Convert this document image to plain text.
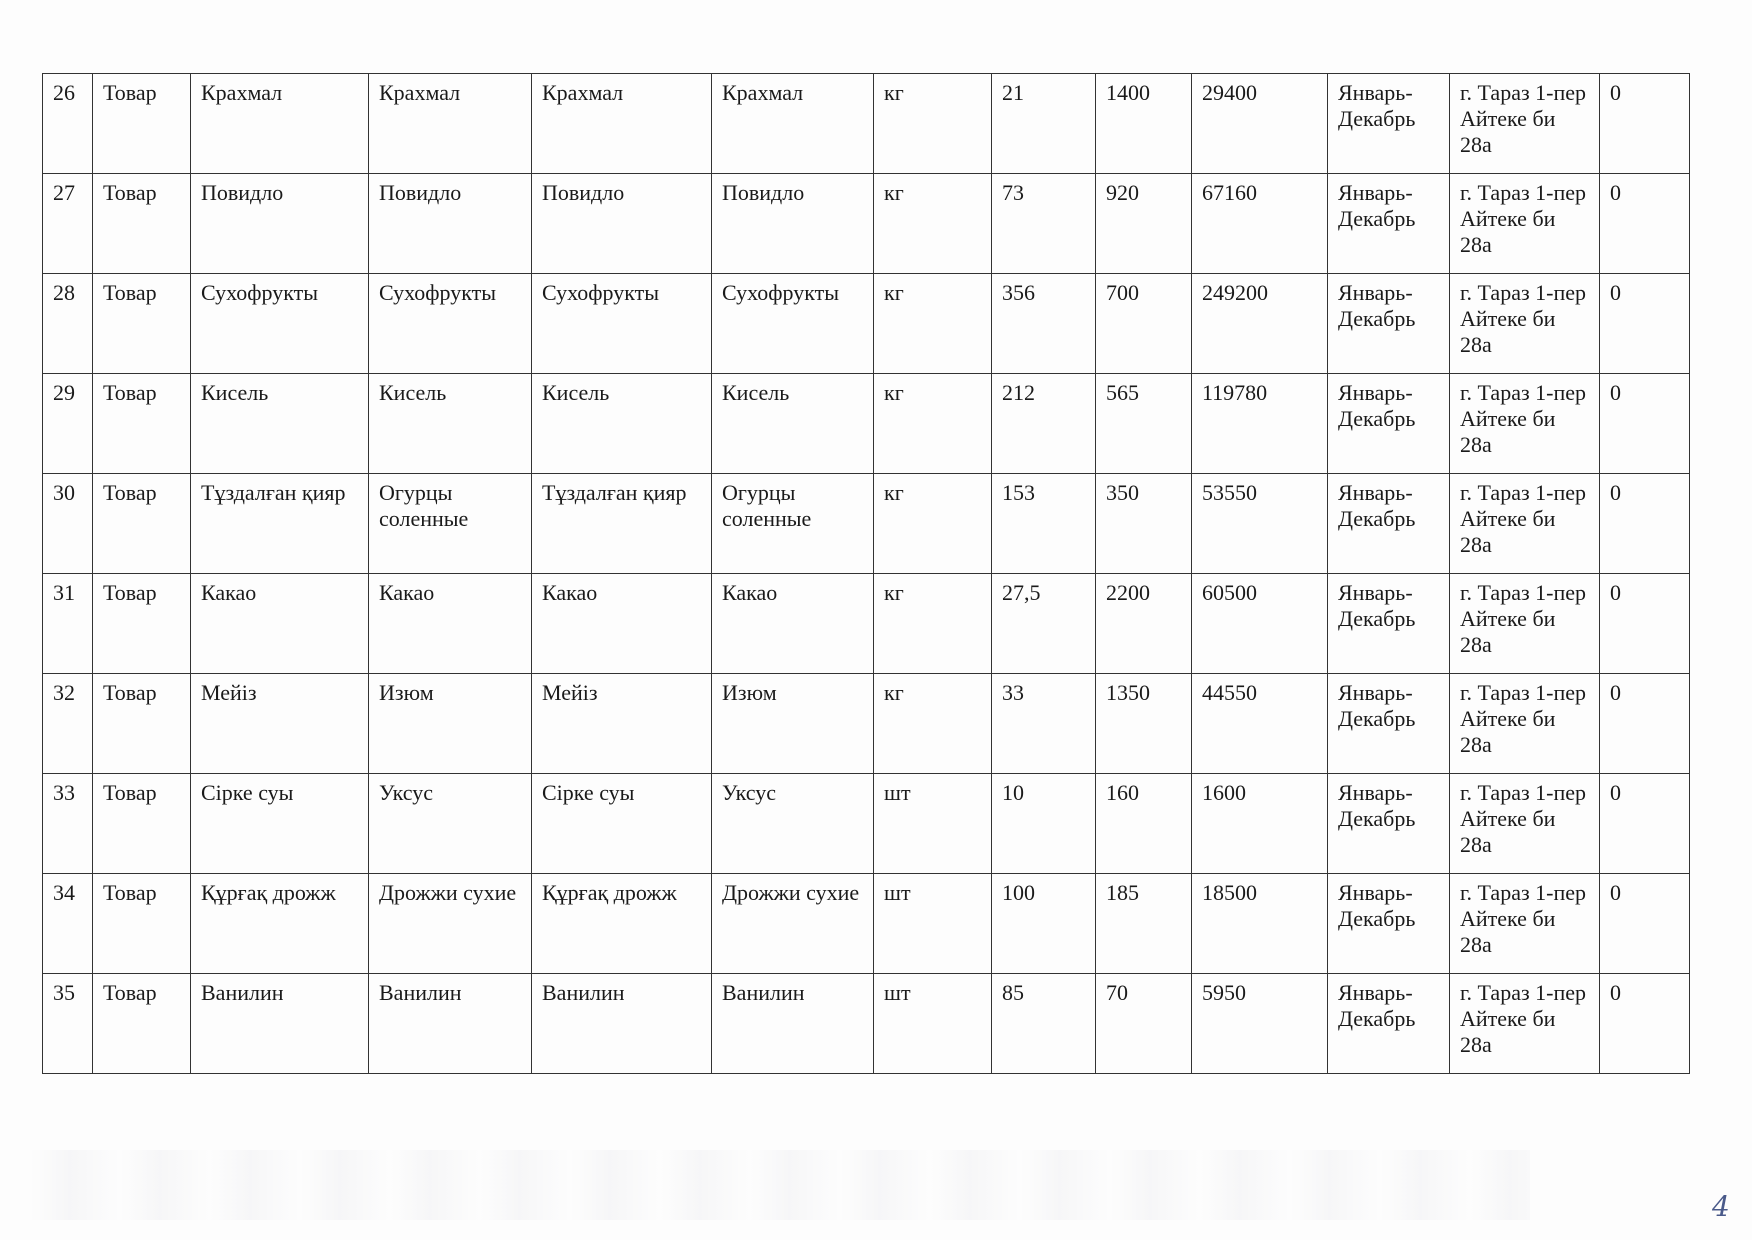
26	Товар	Крахмал	Крахмал	Крахмал	Крахмал	кг	21	1400	29400	Январь-Декабрь	г. Тараз 1-пер Айтеке би 28а	0
27	Товар	Повидло	Повидло	Повидло	Повидло	кг	73	920	67160	Январь-Декабрь	г. Тараз 1-пер Айтеке би 28а	0
28	Товар	Сухофрукты	Сухофрукты	Сухофрукты	Сухофрукты	кг	356	700	249200	Январь-Декабрь	г. Тараз 1-пер Айтеке би 28а	0
29	Товар	Кисель	Кисель	Кисель	Кисель	кг	212	565	119780	Январь-Декабрь	г. Тараз 1-пер Айтеке би 28а	0
30	Товар	Тұздалған қияр	Огурцы соленные	Тұздалған қияр	Огурцы соленные	кг	153	350	53550	Январь-Декабрь	г. Тараз 1-пер Айтеке би 28а	0
31	Товар	Какао	Какао	Какао	Какао	кг	27,5	2200	60500	Январь-Декабрь	г. Тараз 1-пер Айтеке би 28а	0
32	Товар	Мейіз	Изюм	Мейіз	Изюм	кг	33	1350	44550	Январь-Декабрь	г. Тараз 1-пер Айтеке би 28а	0
33	Товар	Сірке суы	Уксус	Сірке суы	Уксус	шт	10	160	1600	Январь-Декабрь	г. Тараз 1-пер Айтеке би 28а	0
34	Товар	Құрғақ дрожж	Дрожжи сухие	Құрғақ дрожж	Дрожжи сухие	шт	100	185	18500	Январь-Декабрь	г. Тараз 1-пер Айтеке би 28а	0
35	Товар	Ванилин	Ванилин	Ванилин	Ванилин	шт	85	70	5950	Январь-Декабрь	г. Тараз 1-пер Айтеке би 28а	0
4
